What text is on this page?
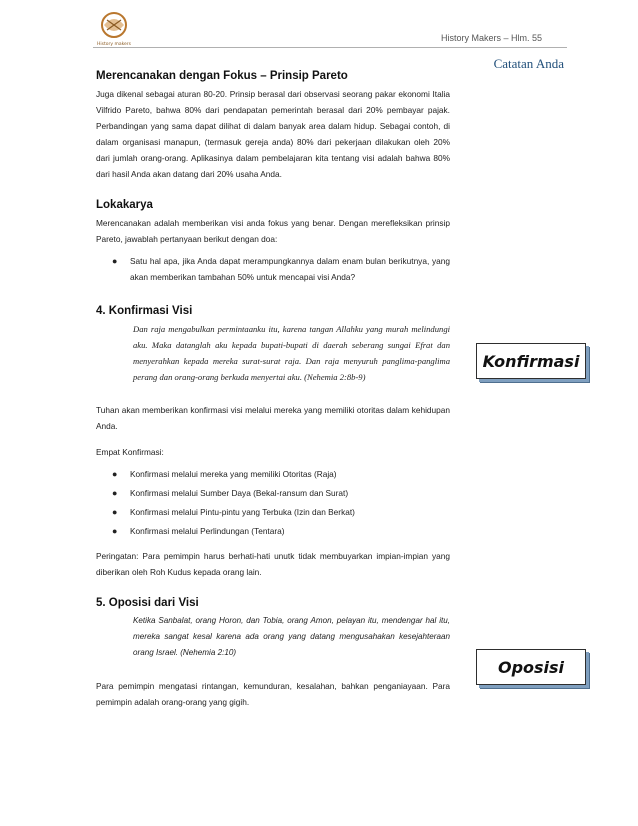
History makers
History Makers – Hlm. 55
Catatan Anda
Merencanakan dengan Fokus – Prinsip Pareto

Juga dikenal sebagai aturan 80-20. Prinsip berasal dari observasi seorang pakar ekonomi Italia Vilfrido Pareto, bahwa 80% dari pendapatan pemerintah berasal dari 20% pembayar pajak. Perbandingan yang sama dapat dilihat di dalam banyak area dalam hidup. Sebagai contoh, di dalam organisasi manapun, (termasuk gereja anda) 80% dari pekerjaan dilakukan oleh 20% dari jumlah orang-orang. Aplikasinya dalam pembelajaran kita tentang visi adalah bahwa 80% dari hasil Anda akan datang dari 20% usaha Anda.

Lokakarya

Merencanakan adalah memberikan visi anda fokus yang benar. Dengan merefleksikan prinsip Pareto, jawablah pertanyaan berikut dengan doa:

● Satu hal apa, jika Anda dapat merampungkannya dalam enam bulan berikutnya, yang akan memberikan tambahan 50% untuk mencapai visi Anda?
4. Konfirmasi Visi

Dan raja mengabulkan permintaanku itu, karena tangan Allahku yang murah melindungi aku. Maka datanglah aku kepada bupati-bupati di daerah seberang sungai Efrat dan menyerahkan kepada mereka surat-surat raja. Dan raja menyuruh panglima-panglima perang dan orang-orang berkuda menyertai aku. (Nehemia 2:8b-9)

Tuhan akan memberikan konfirmasi visi melalui mereka yang memiliki otoritas dalam kehidupan Anda.

Empat Konfirmasi:

● Konfirmasi melalui mereka yang memiliki Otoritas (Raja)
● Konfirmasi melalui Sumber Daya (Bekal-ransum dan Surat)
● Konfirmasi melalui Pintu-pintu yang Terbuka (Izin dan Berkat)
● Konfirmasi melalui Perlindungan (Tentara)

Peringatan: Para pemimpin harus berhati-hati unutk tidak membuyarkan impian-impian yang diberikan oleh Roh Kudus kepada orang lain.

5. Oposisi dari Visi

Ketika Sanbalat, orang Horon, dan Tobia, orang Amon, pelayan itu, mendengar hal itu, mereka sangat kesal karena ada orang yang datang mengusahakan kesejahteraan orang Israel. (Nehemia 2:10)

Para pemimpin mengatasi rintangan, kemunduran, kesalahan, bahkan penganiayaan. Para pemimpin adalah orang-orang yang gigih.

Konfirmasi
Oposisi
